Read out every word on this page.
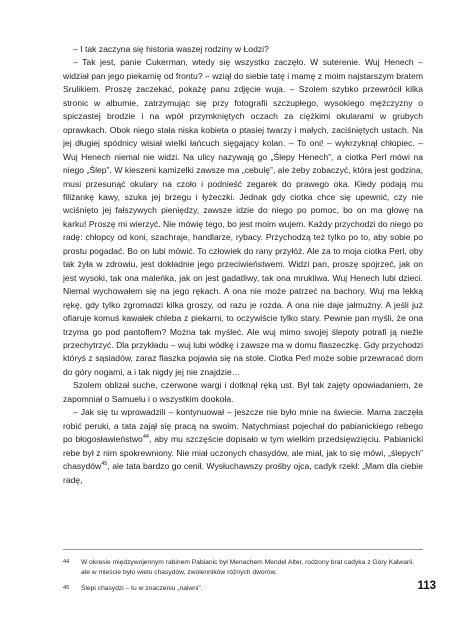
– I tak zaczyna się historia waszej rodziny w Łodzi?

– Tak jest, panie Cukerman, wtedy się wszystko zaczęło. W suterenie. Wuj Henech – widział pan jego piekarnię od frontu? – wziął do siebie tatę i mamę z moim najstarszym bratem Srulikiem. Proszę zaczekać, pokażę panu zdjęcie wuja. – Szolem szybko przewrócił kilka stronic w albumie, zatrzymując się przy fotografii szczupłego, wysokiego mężczyzny o spiczastej brodzie i na wpół przymkniętych oczach za ciężkimi okularami w grubych oprawkach. Obok niego stała niska kobieta o ptasiej twarzy i małych, zaciśniętych ustach. Na jej długiej spódnicy wisiał wielki łańcuch sięgający kolan. – To oni! – wykrzyknął chłopiec. – Wuj Henech niemal nie widzi. Na ulicy nazywają go „Ślepy Henech”, a ciotka Perl mówi na niego „Ślep”. W kieszeni kamizelki zawsze ma „cebulę”, ale żeby zobaczyć, która jest godzina, musi przesunąć okulary na czoło i podnieść zegarek do prawego oka. Kiedy podają mu filiżankę kawy, szuka jej brzegu i łyżeczki. Jednak gdy ciotka chce się upewnić, czy nie wciśnięto jej fałszywych pieniędzy, zawsze idzie do niego po pomoc, bo on ma głowę na karku! Proszę mi wierzyć. Nie mówię tego, bo jest moim wujem. Każdy przychodzi do niego po radę: chłopcy od koni, szachraje, handlarze, rybacy. Przychodzą też tylko po to, aby sobie po prostu pogadać. Bo on lubi mówić. To człowiek do rany przyłóż. Ale za to moja ciotka Perl, oby tak żyła w zdrowiu, jest dokładnie jego przeciwieństwem. Widzi pan, proszę spojrzeć, jak on jest wysoki, tak ona maleńka, jak on jest gadatliwy, tak ona mrukliwa. Wuj Henech lubi dzieci. Niemal wychowałem się na jego rękach. A ona nie może patrzeć na bachory. Wuj ma lekką rękę, gdy tylko zgromadzi kilka groszy, od razu je rozda. A ona nie daje jałmużny. A jeśli już ofiaruje komuś kawałek chleba z piekarni, to oczywiście tylko stary. Pewnie pan myśli, że ona trzyma go pod pantoflem? Można tak myśleć. Ale wuj mimo swojej ślepoty potrafi ją nieźle przechytrzyć. Dla przykładu – wuj lubi wódkę i zawsze ma w domu flaszeczkę. Gdy przychodzi któryś z sąsiadów, zaraz flaszka pojawia się na stole. Ciotka Perl może sobie przewracać dom do góry nogami, a i tak nigdy jej nie znajdzie…

Szolem oblizał suche, czerwone wargi i dotknął ręką ust. Był tak zajęty opowiadaniem, że zapomniał o Samuelu i o wszystkim dookoła.

– Jak się tu wprowadzili – kontynuował – jeszcze nie było mnie na świecie. Mama zaczęła robić peruki, a tata zajął się pracą na swoim. Natychmiast pojechał do pabianickiego rebego po błogosławieństwo$^{44}$, aby mu szczęście dopisało w tym wielkim przedsięwzięciu. Pabianicki rebe był z nim spokrewniony. Nie miał uczonych chasydów, ale miał, jak to się mówi, „ślepych” chasydów$^{45}$, ale tata bardzo go cenił. Wysłuchawszy prośby ojca, cadyk rzekł: „Mam dla ciebie radę,

44	W okresie międzywojennym rabinem Pabianic był Menachem Mendel Alter, rodzony brat cadyka z Góry Kalwarii, ale w mieście było wielu chasydów, zwolenników różnych dworów.
45	Ślepi chasydzi – tu w znaczeniu „naiwni”.	113
